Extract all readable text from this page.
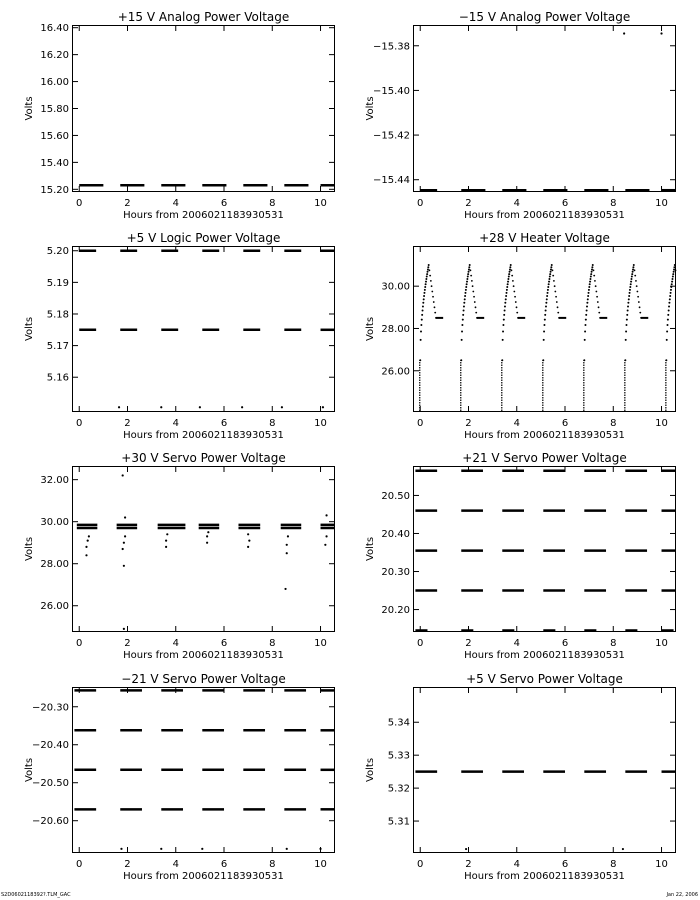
+15 V Analog Power Voltage
0	2	4	6	8	10
15.20
15.40
15.60
15.80
16.00
16.20
16.40
Hours from 2006021183930531
Volts
−15 V Analog Power Voltage
0	2	4	6	8	10
−15.38
−15.40
−15.42
−15.44
Hours from 2006021183930531
Volts
+5 V Logic Power Voltage
0	2	4	6	8	10
5.16
5.17
5.18
5.19
5.20
Hours from 2006021183930531
Volts
+28 V Heater Voltage
0	2	4	6	8	10
26.00
28.00
30.00
Hours from 2006021183930531
Volts
+30 V Servo Power Voltage
0	2	4	6	8	10
26.00
28.00
30.00
32.00
Hours from 2006021183930531
Volts
+21 V Servo Power Voltage
0	2	4	6	8	10
20.20
20.30
20.40
20.50
Hours from 2006021183930531
Volts
−21 V Servo Power Voltage
0	2	4	6	8	10
−20.30
−20.40
−20.50
−20.60
Hours from 2006021183930531
Volts
+5 V Servo Power Voltage
0	2	4	6	8	10
5.31
5.32
5.33
5.34
Hours from 2006021183930531
Volts
S2D0602118392?.TLM_GAC	Jan 22, 2006
